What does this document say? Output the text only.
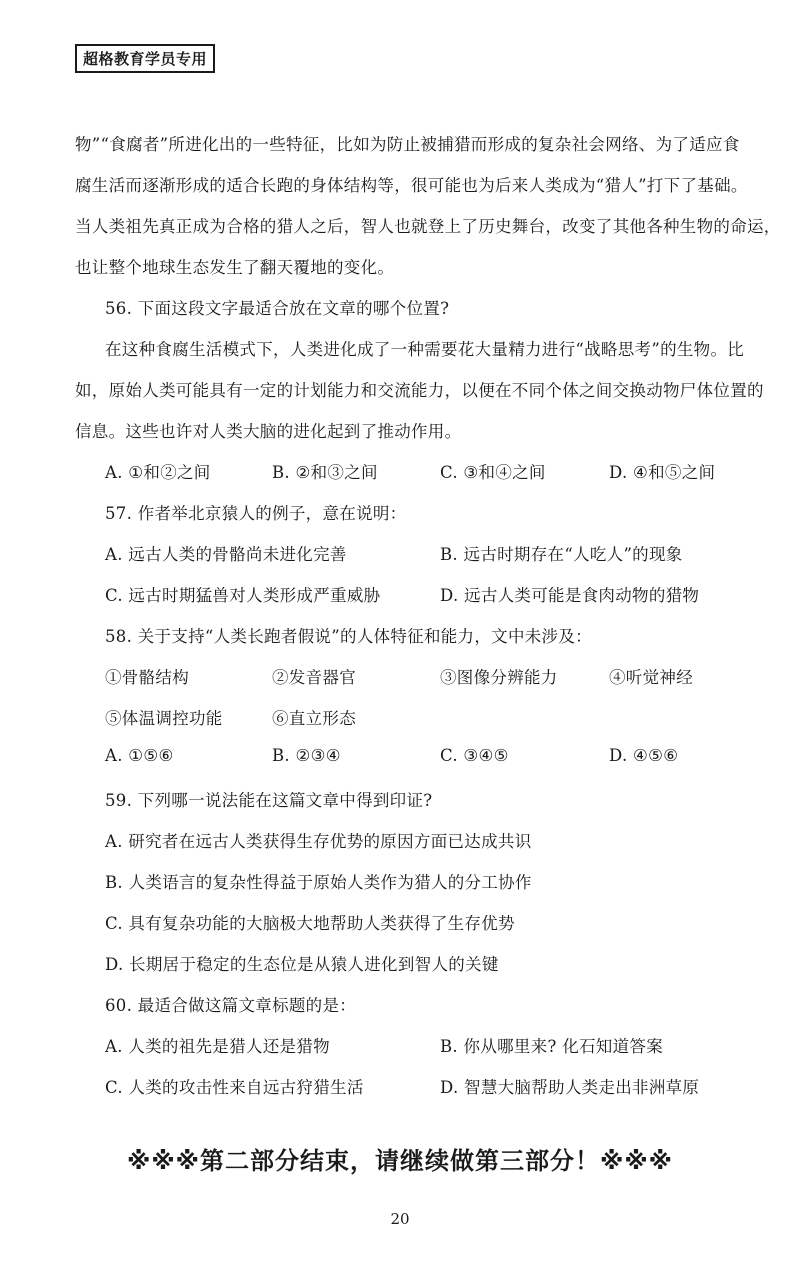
超格教育学员专用
物”“食腐者”所进化出的一些特征，比如为防止被捕猎而形成的复杂社会网络、为了适应食
腐生活而逐渐形成的适合长跑的身体结构等，很可能也为后来人类成为“猎人”打下了基础。
当人类祖先真正成为合格的猎人之后，智人也就登上了历史舞台，改变了其他各种生物的命运，
也让整个地球生态发生了翻天覆地的变化。
56. 下面这段文字最适合放在文章的哪个位置?
在这种食腐生活模式下，人类进化成了一种需要花大量精力进行“战略思考”的生物。比
如，原始人类可能具有一定的计划能力和交流能力，以便在不同个体之间交换动物尸体位置的
信息。这些也许对人类大脑的进化起到了推动作用。
A. ①和②之间	B. ②和③之间	C. ③和④之间	D. ④和⑤之间
57. 作者举北京猿人的例子，意在说明：
A. 远古人类的骨骼尚未进化完善	B. 远古时期存在“人吃人”的现象
C. 远古时期猛兽对人类形成严重威胁	D. 远古人类可能是食肉动物的猎物
58. 关于支持“人类长跑者假说”的人体特征和能力，文中未涉及：
①骨骼结构	②发音器官	③图像分辨能力	④听觉神经
⑤体温调控功能	⑥直立形态
A. ①⑤⑥	B. ②③④	C. ③④⑤	D. ④⑤⑥
59. 下列哪一说法能在这篇文章中得到印证?
A. 研究者在远古人类获得生存优势的原因方面已达成共识
B. 人类语言的复杂性得益于原始人类作为猎人的分工协作
C. 具有复杂功能的大脑极大地帮助人类获得了生存优势
D. 长期居于稳定的生态位是从猿人进化到智人的关键
60. 最适合做这篇文章标题的是：
A. 人类的祖先是猎人还是猎物	B. 你从哪里来? 化石知道答案
C. 人类的攻击性来自远古狩猎生活	D. 智慧大脑帮助人类走出非洲草原
※※※第二部分结束，请继续做第三部分！※※※
20
